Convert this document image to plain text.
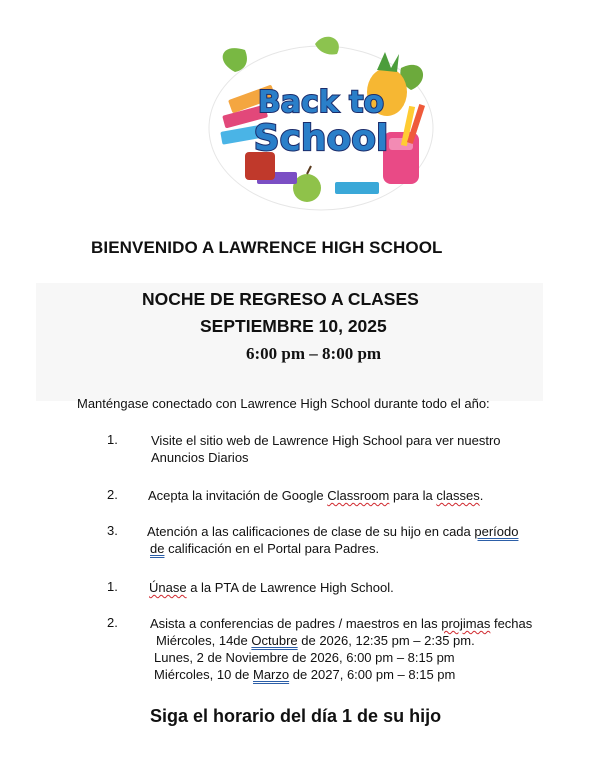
Back to
School
BIENVENIDO A LAWRENCE HIGH SCHOOL
NOCHE DE REGRESO A CLASES
SEPTIEMBRE 10, 2025
6:00 pm – 8:00 pm
Manténgase conectado con Lawrence High School durante todo el año:
1.	Visite el sitio web de Lawrence High School para ver nuestro
Anuncios Diarios
2. Acepta la invitación de Google Classroom para la classes.
3. Atención a las calificaciones de clase de su hijo en cada período
de calificación en el Portal para Padres.
1. Únase a la PTA de Lawrence High School.
2. Asista a conferencias de padres / maestros en las projimas fechas
Miércoles, 14de Octubre de 2026, 12:35 pm – 2:35 pm.
Lunes, 2 de Noviembre de 2026, 6:00 pm – 8:15 pm
Miércoles, 10 de Marzo de 2027, 6:00 pm – 8:15 pm
Siga el horario del día 1 de su hijo
